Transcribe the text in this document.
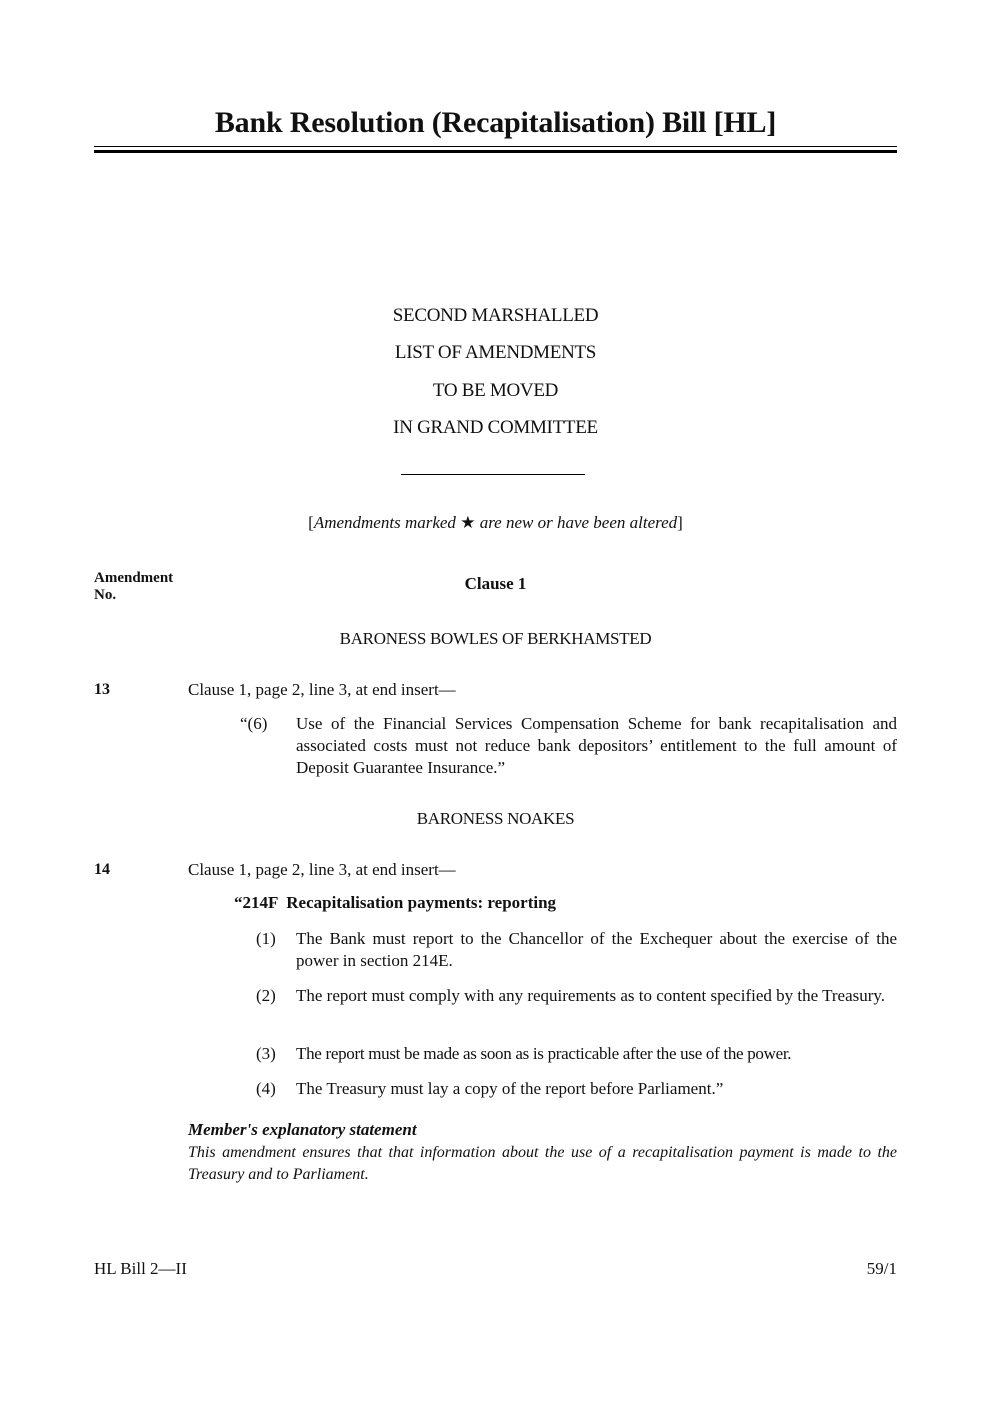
Bank Resolution (Recapitalisation) Bill [HL]
SECOND MARSHALLED
LIST OF AMENDMENTS
TO BE MOVED
IN GRAND COMMITTEE
[Amendments marked ★ are new or have been altered]
Amendment
No.
Clause 1
BARONESS BOWLES OF BERKHAMSTED
13	Clause 1, page 2, line 3, at end insert—
“(6) Use of the Financial Services Compensation Scheme for bank recapitalisation and associated costs must not reduce bank depositors’ entitlement to the full amount of Deposit Guarantee Insurance.”
BARONESS NOAKES
14	Clause 1, page 2, line 3, at end insert—
“214F  Recapitalisation payments: reporting
(1) The Bank must report to the Chancellor of the Exchequer about the exercise of the power in section 214E.
(2) The report must comply with any requirements as to content specified by the Treasury.
(3) The report must be made as soon as is practicable after the use of the power.
(4) The Treasury must lay a copy of the report before Parliament.”
Member's explanatory statement
This amendment ensures that that information about the use of a recapitalisation payment is made to the Treasury and to Parliament.
HL Bill 2—II	59/1
